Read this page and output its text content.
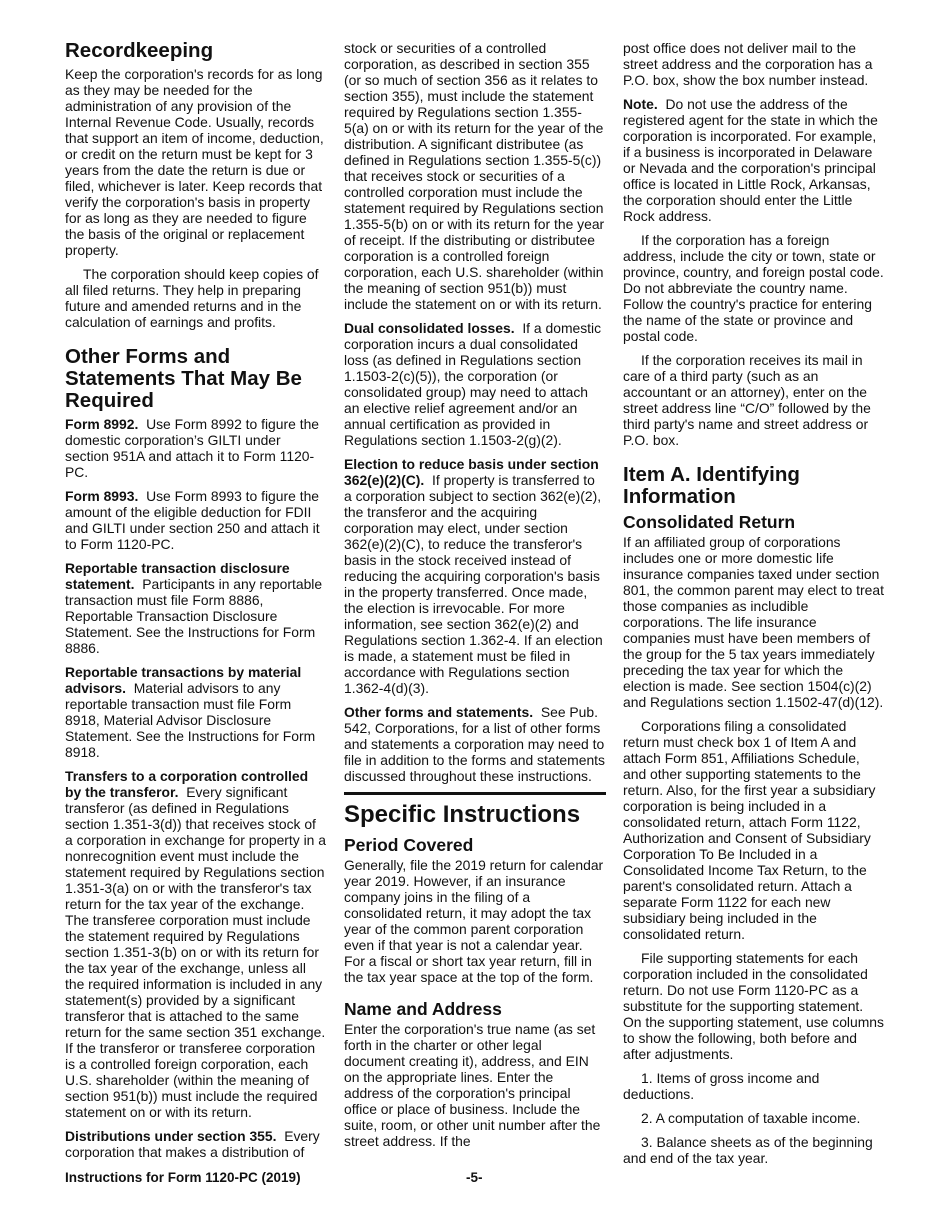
Recordkeeping

Keep the corporation's records for as long as they may be needed for the administration of any provision of the Internal Revenue Code. Usually, records that support an item of income, deduction, or credit on the return must be kept for 3 years from the date the return is due or filed, whichever is later. Keep records that verify the corporation's basis in property for as long as they are needed to figure the basis of the original or replacement property.

The corporation should keep copies of all filed returns. They help in preparing future and amended returns and in the calculation of earnings and profits.

Other Forms and Statements That May Be Required

Form 8992. Use Form 8992 to figure the domestic corporation’s GILTI under section 951A and attach it to Form 1120-PC.

Form 8993. Use Form 8993 to figure the amount of the eligible deduction for FDII and GILTI under section 250 and attach it to Form 1120-PC.

Reportable transaction disclosure statement. Participants in any reportable transaction must file Form 8886, Reportable Transaction Disclosure Statement. See the Instructions for Form 8886.

Reportable transactions by material advisors. Material advisors to any reportable transaction must file Form 8918, Material Advisor Disclosure Statement. See the Instructions for Form 8918.

Transfers to a corporation controlled by the transferor. Every significant transferor (as defined in Regulations section 1.351-3(d)) that receives stock of a corporation in exchange for property in a nonrecognition event must include the statement required by Regulations section 1.351-3(a) on or with the transferor's tax return for the tax year of the exchange. The transferee corporation must include the statement required by Regulations section 1.351-3(b) on or with its return for the tax year of the exchange, unless all the required information is included in any statement(s) provided by a significant transferor that is attached to the same return for the same section 351 exchange. If the transferor or transferee corporation is a controlled foreign corporation, each U.S. shareholder (within the meaning of section 951(b)) must include the required statement on or with its return.

Distributions under section 355. Every corporation that makes a distribution of

stock or securities of a controlled corporation, as described in section 355 (or so much of section 356 as it relates to section 355), must include the statement required by Regulations section 1.355-5(a) on or with its return for the year of the distribution. A significant distributee (as defined in Regulations section 1.355-5(c)) that receives stock or securities of a controlled corporation must include the statement required by Regulations section 1.355-5(b) on or with its return for the year of receipt. If the distributing or distributee corporation is a controlled foreign corporation, each U.S. shareholder (within the meaning of section 951(b)) must include the statement on or with its return.

Dual consolidated losses. If a domestic corporation incurs a dual consolidated loss (as defined in Regulations section 1.1503-2(c)(5)), the corporation (or consolidated group) may need to attach an elective relief agreement and/or an annual certification as provided in Regulations section 1.1503-2(g)(2).

Election to reduce basis under section 362(e)(2)(C). If property is transferred to a corporation subject to section 362(e)(2), the transferor and the acquiring corporation may elect, under section 362(e)(2)(C), to reduce the transferor's basis in the stock received instead of reducing the acquiring corporation's basis in the property transferred. Once made, the election is irrevocable. For more information, see section 362(e)(2) and Regulations section 1.362-4. If an election is made, a statement must be filed in accordance with Regulations section 1.362-4(d)(3).

Other forms and statements. See Pub. 542, Corporations, for a list of other forms and statements a corporation may need to file in addition to the forms and statements discussed throughout these instructions.

Specific Instructions
Period Covered

Generally, file the 2019 return for calendar year 2019. However, if an insurance company joins in the filing of a consolidated return, it may adopt the tax year of the common parent corporation even if that year is not a calendar year. For a fiscal or short tax year return, fill in the tax year space at the top of the form.

Name and Address

Enter the corporation's true name (as set forth in the charter or other legal document creating it), address, and EIN on the appropriate lines. Enter the address of the corporation's principal office or place of business. Include the suite, room, or other unit number after the street address. If the

post office does not deliver mail to the street address and the corporation has a P.O. box, show the box number instead.

Note. Do not use the address of the registered agent for the state in which the corporation is incorporated. For example, if a business is incorporated in Delaware or Nevada and the corporation's principal office is located in Little Rock, Arkansas, the corporation should enter the Little Rock address.

If the corporation has a foreign address, include the city or town, state or province, country, and foreign postal code. Do not abbreviate the country name. Follow the country's practice for entering the name of the state or province and postal code.

If the corporation receives its mail in care of a third party (such as an accountant or an attorney), enter on the street address line “C/O” followed by the third party's name and street address or P.O. box.

Item A. Identifying Information
Consolidated Return

If an affiliated group of corporations includes one or more domestic life insurance companies taxed under section 801, the common parent may elect to treat those companies as includible corporations. The life insurance companies must have been members of the group for the 5 tax years immediately preceding the tax year for which the election is made. See section 1504(c)(2) and Regulations section 1.1502-47(d)(12).

Corporations filing a consolidated return must check box 1 of Item A and attach Form 851, Affiliations Schedule, and other supporting statements to the return. Also, for the first year a subsidiary corporation is being included in a consolidated return, attach Form 1122, Authorization and Consent of Subsidiary Corporation To Be Included in a Consolidated Income Tax Return, to the parent's consolidated return. Attach a separate Form 1122 for each new subsidiary being included in the consolidated return.

File supporting statements for each corporation included in the consolidated return. Do not use Form 1120-PC as a substitute for the supporting statement. On the supporting statement, use columns to show the following, both before and after adjustments.

1. Items of gross income and deductions.

2. A computation of taxable income.

3. Balance sheets as of the beginning and end of the tax year.

Instructions for Form 1120-PC (2019)	-5-
